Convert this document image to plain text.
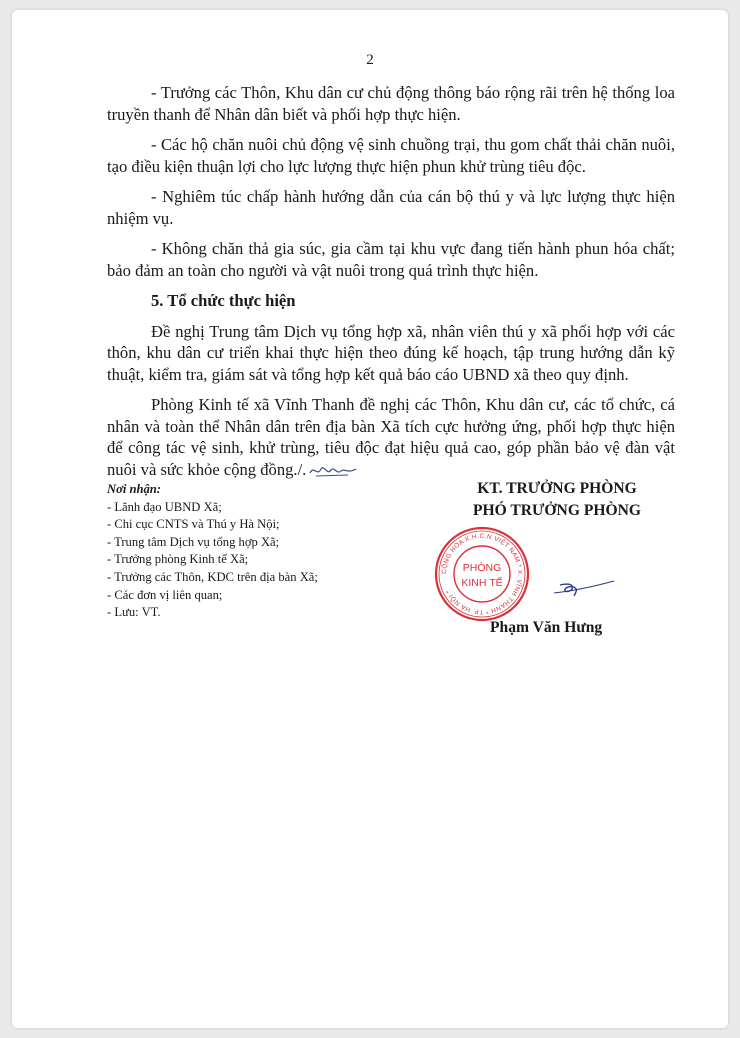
2

- Trưởng các Thôn, Khu dân cư chủ động thông báo rộng rãi trên hệ thống loa truyền thanh để Nhân dân biết và phối hợp thực hiện.

- Các hộ chăn nuôi chủ động vệ sinh chuồng trại, thu gom chất thải chăn nuôi, tạo điều kiện thuận lợi cho lực lượng thực hiện phun khử trùng tiêu độc.

- Nghiêm túc chấp hành hướng dẫn của cán bộ thú y và lực lượng thực hiện nhiệm vụ.

- Không chăn thả gia súc, gia cầm tại khu vực đang tiến hành phun hóa chất; bảo đảm an toàn cho người và vật nuôi trong quá trình thực hiện.

5. Tổ chức thực hiện

Đề nghị Trung tâm Dịch vụ tổng hợp xã, nhân viên thú y xã phối hợp với các thôn, khu dân cư triển khai thực hiện theo đúng kế hoạch, tập trung hướng dẫn kỹ thuật, kiểm tra, giám sát và tổng hợp kết quả báo cáo UBND xã theo quy định.

Phòng Kinh tế xã Vĩnh Thanh đề nghị các Thôn, Khu dân cư, các tổ chức, cá nhân và toàn thể Nhân dân trên địa bàn Xã tích cực hưởng ứng, phối hợp thực hiện để công tác vệ sinh, khử trùng, tiêu độc đạt hiệu quả cao, góp phần bảo vệ đàn vật nuôi và sức khỏe cộng đồng./.

Nơi nhận:
- Lãnh đạo UBND Xã;
- Chi cục CNTS và Thú y Hà Nội;
- Trung tâm Dịch vụ tổng hợp Xã;
- Trưởng phòng Kinh tế Xã;
- Trưởng các Thôn, KDC trên địa bàn Xã;
- Các đơn vị liên quan;
- Lưu: VT.
KT. TRƯỞNG PHÒNG
PHÓ TRƯỞNG PHÒNG
CỘNG HÒA X.H.C.N VIỆT NAM * X. VĨNH THANH * TP. HÀ NỘI *
PHÒNG
KINH TẾ
Phạm Văn Hưng
